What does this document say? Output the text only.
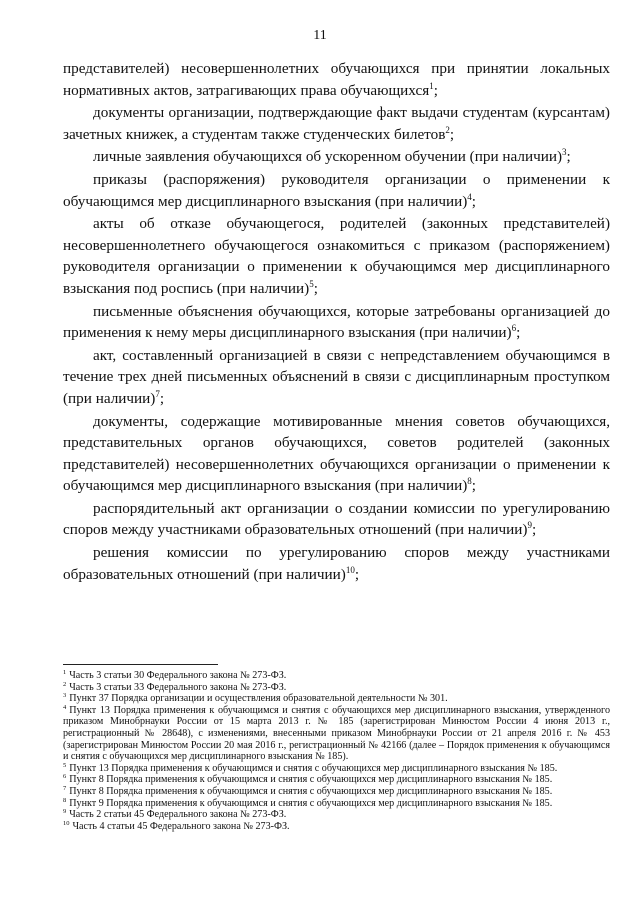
11

представителей) несовершеннолетних обучающихся при принятии локальных нормативных актов, затрагивающих права обучающихся$^1$;

документы организации, подтверждающие факт выдачи студентам (курсантам) зачетных книжек, а студентам также студенческих билетов$^2$;

личные заявления обучающихся об ускоренном обучении (при наличии)$^3$;

приказы (распоряжения) руководителя организации о применении к обучающимся мер дисциплинарного взыскания (при наличии)$^4$;

акты об отказе обучающегося, родителей (законных представителей) несовершеннолетнего обучающегося ознакомиться с приказом (распоряжением) руководителя организации о применении к обучающимся мер дисциплинарного взыскания под роспись (при наличии)$^5$;

письменные объяснения обучающихся, которые затребованы организацией до применения к нему меры дисциплинарного взыскания (при наличии)$^6$;

акт, составленный организацией в связи с непредставлением обучающимся в течение трех дней письменных объяснений в связи с дисциплинарным проступком (при наличии)$^7$;

документы, содержащие мотивированные мнения советов обучающихся, представительных органов обучающихся, советов родителей (законных представителей) несовершеннолетних обучающихся организации о применении к обучающимся мер дисциплинарного взыскания (при наличии)$^8$;

распорядительный акт организации о создании комиссии по урегулированию споров между участниками образовательных отношений (при наличии)$^9$;

решения комиссии по урегулированию споров между участниками образовательных отношений (при наличии)$^{10}$;

$^1$ Часть 3 статьи 30 Федерального закона № 273-ФЗ.

$^2$ Часть 3 статьи 33 Федерального закона № 273-ФЗ.

$^3$ Пункт 37 Порядка организации и осуществления образовательной деятельности № 301.

$^4$ Пункт 13 Порядка применения к обучающимся и снятия с обучающихся мер дисциплинарного взыскания, утвержденного приказом Минобрнауки России от 15 марта 2013 г. № 185 (зарегистрирован Минюстом России 4 июня 2013 г., регистрационный № 28648), с изменениями, внесенными приказом Минобрнауки России от 21 апреля 2016 г. № 453 (зарегистрирован Минюстом России 20 мая 2016 г., регистрационный № 42166 (далее – Порядок применения к обучающимся и снятия с обучающихся мер дисциплинарного взыскания № 185).

$^5$ Пункт 13 Порядка применения к обучающимся и снятия с обучающихся мер дисциплинарного взыскания № 185.

$^6$ Пункт 8 Порядка применения к обучающимся и снятия с обучающихся мер дисциплинарного взыскания № 185.

$^7$ Пункт 8 Порядка применения к обучающимся и снятия с обучающихся мер дисциплинарного взыскания № 185.

$^8$ Пункт 9 Порядка применения к обучающимся и снятия с обучающихся мер дисциплинарного взыскания № 185.

$^9$ Часть 2 статьи 45 Федерального закона № 273-ФЗ.

$^{10}$ Часть 4 статьи 45 Федерального закона № 273-ФЗ.
